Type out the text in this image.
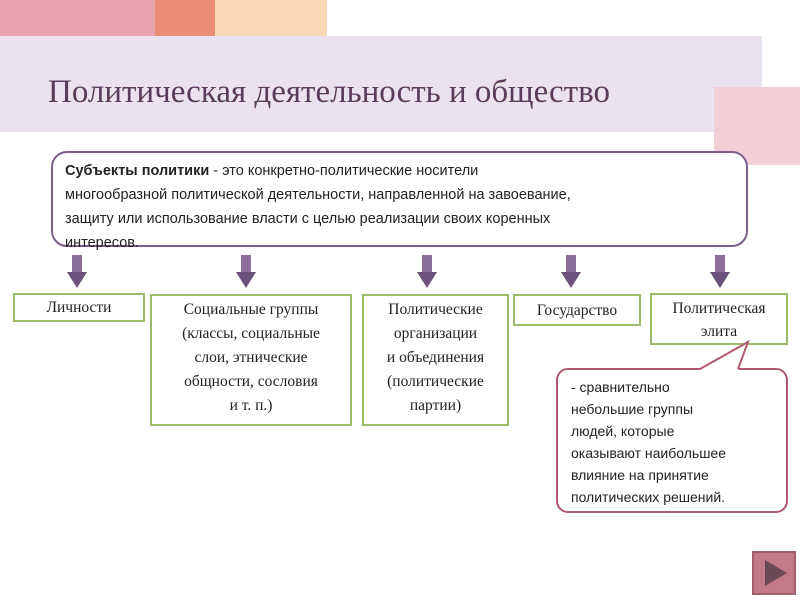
Политическая деятельность и общество
Субъекты политики - это конкретно-политические носители
многообразной политической деятельности, направленной на завоевание,
защиту или использование власти с целью реализации своих коренных
интересов.
Личности	Социальные группы
(классы, социальные
слои, этнические
общности, сословия
и т. п.)
Политические
организации
и объединения
(политические
партии)
Государство	Политическая
элита
- сравнительно
небольшие группы
людей, которые
оказывают наибольшее
влияние на принятие
политических решений.
